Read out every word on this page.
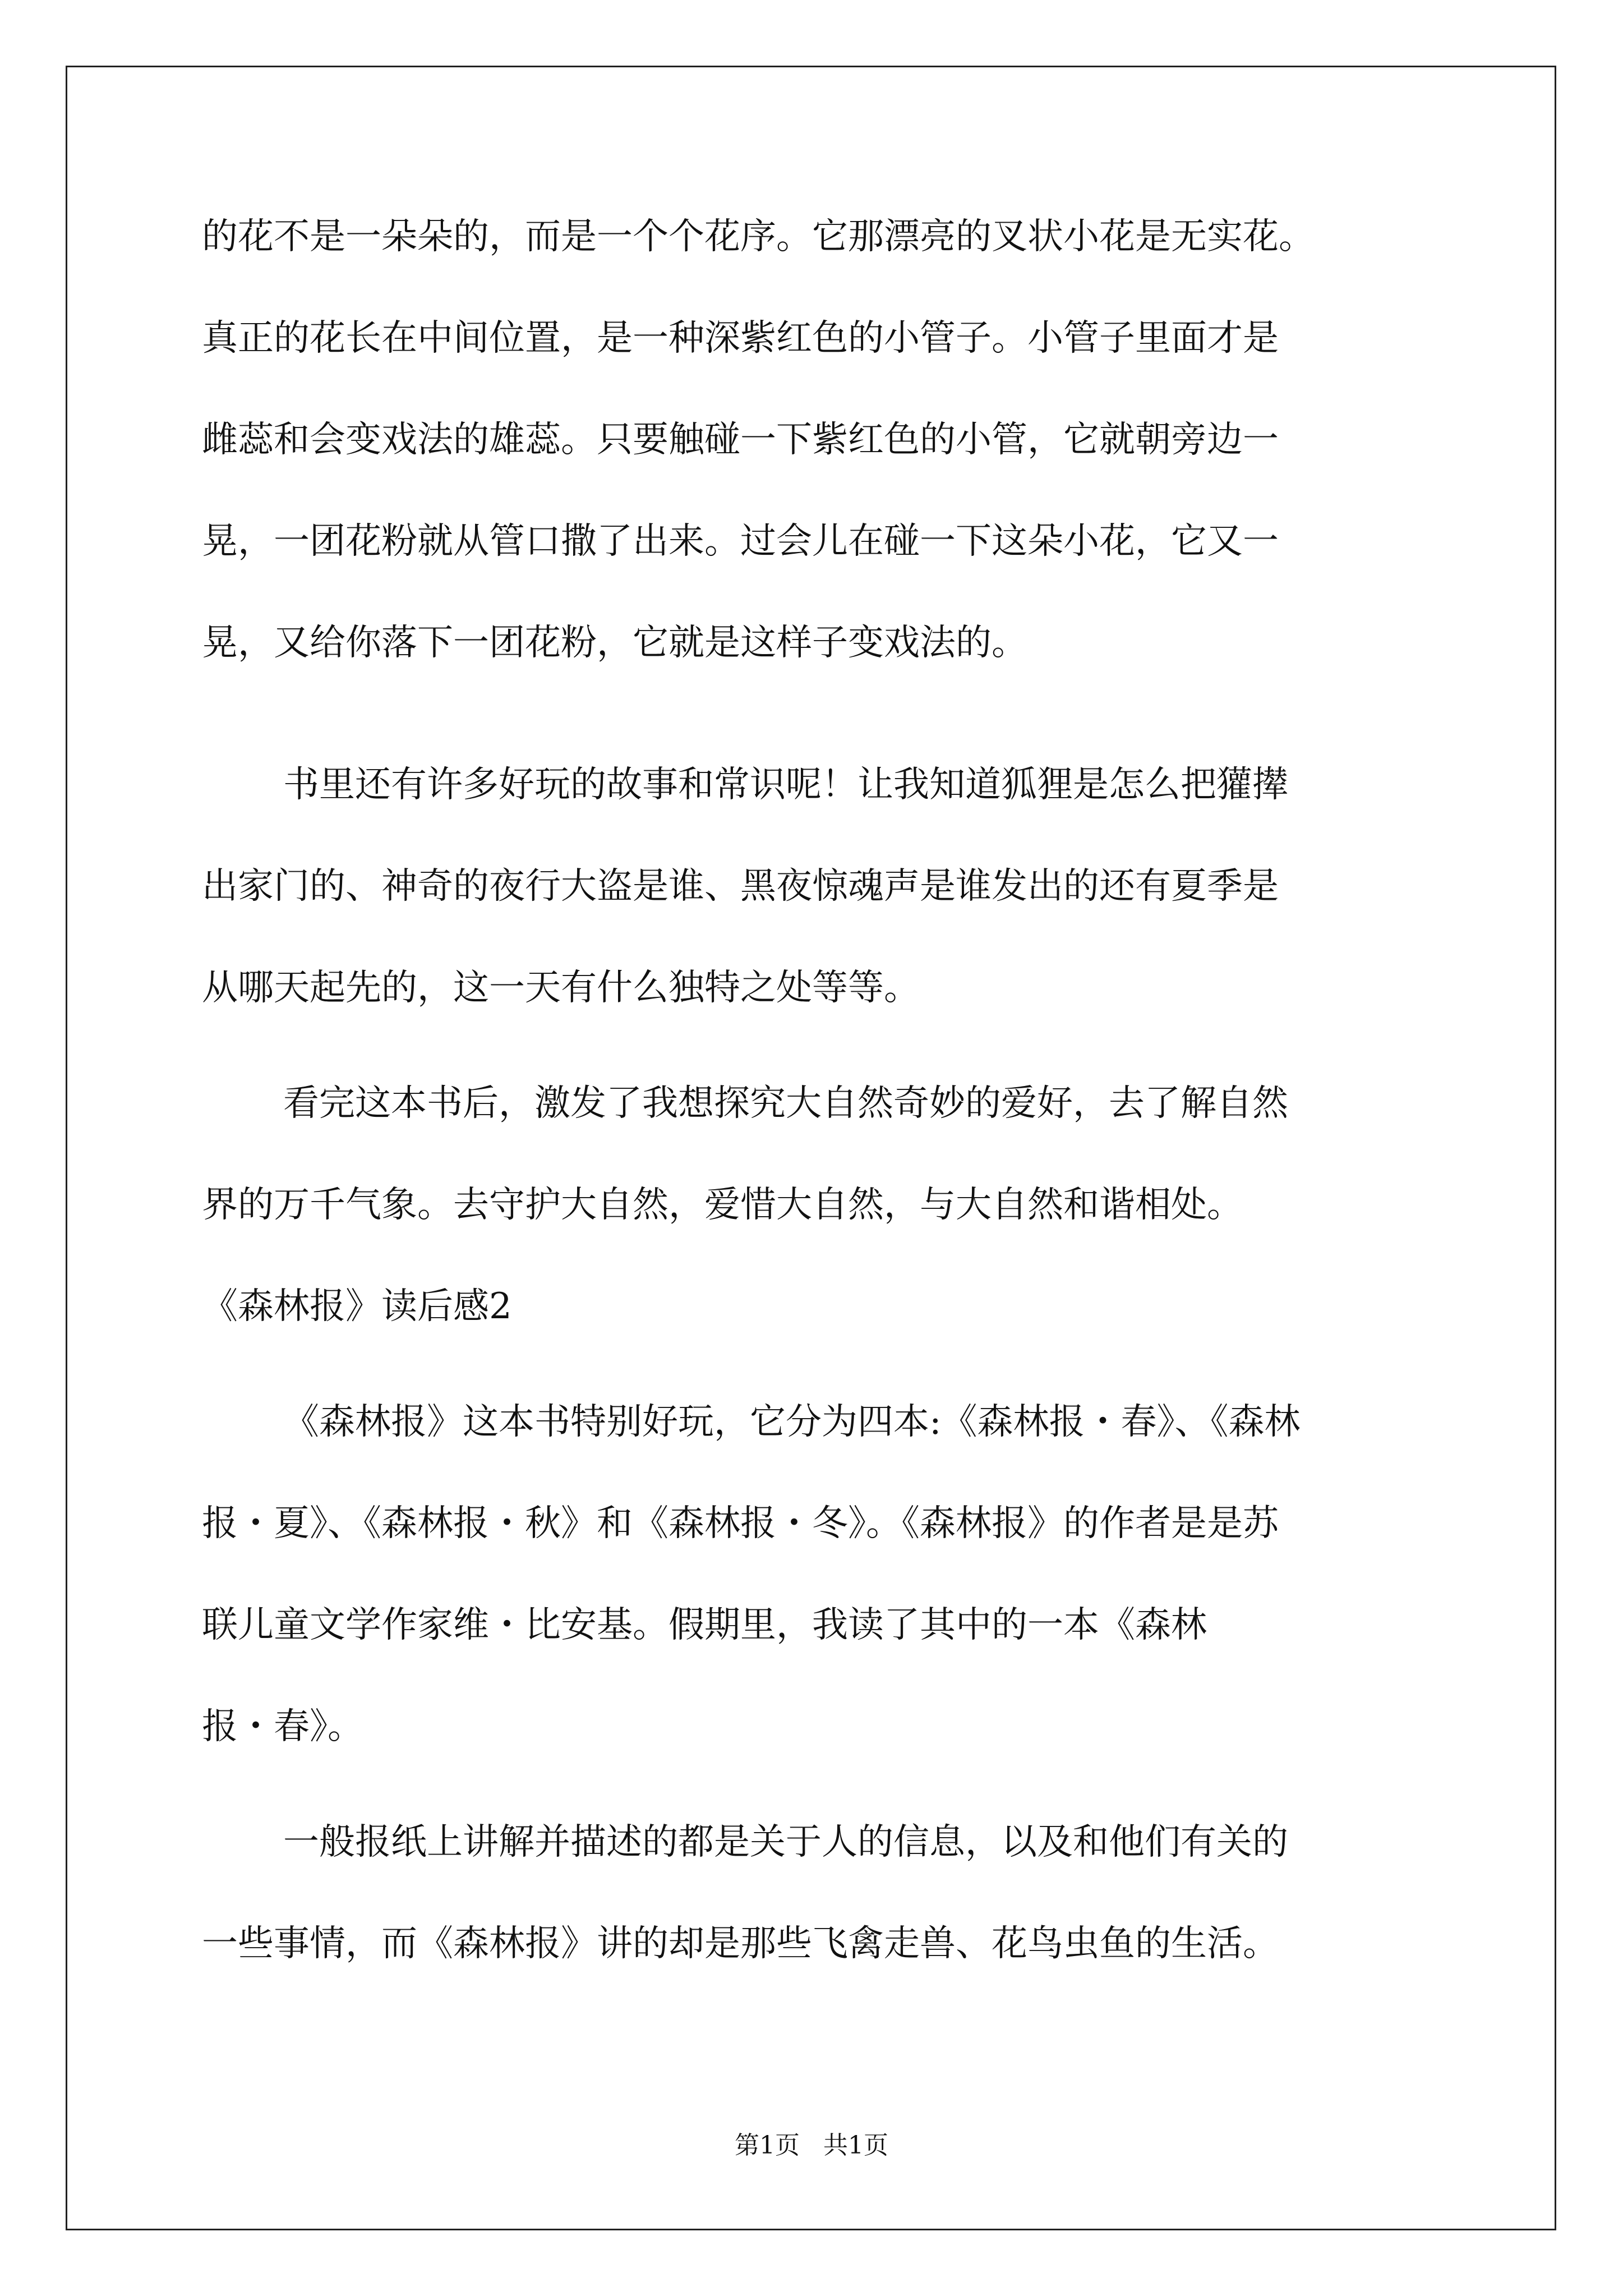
的花不是一朵朵的，而是一个个花序。它那漂亮的叉状小花是无实花。
真正的花长在中间位置，是一种深紫红色的小管子。小管子里面才是
雌蕊和会变戏法的雄蕊。只要触碰一下紫红色的小管，它就朝旁边一
晃，一团花粉就从管口撒了出来。过会儿在碰一下这朵小花，它又一
晃，又给你落下一团花粉，它就是这样子变戏法的。
书里还有许多好玩的故事和常识呢！让我知道狐狸是怎么把獾撵
出家门的、神奇的夜行大盗是谁、黑夜惊魂声是谁发出的还有夏季是
从哪天起先的，这一天有什么独特之处等等。
看完这本书后，激发了我想探究大自然奇妙的爱好，去了解自然
界的万千气象。去守护大自然，爱惜大自然，与大自然和谐相处。
《森林报》读后感2
《森林报》这本书特别好玩，它分为四本:《森林报・春》、《森林
报・夏》、《森林报・秋》和《森林报・冬》。《森林报》的作者是是苏
联儿童文学作家维・比安基。假期里，我读了其中的一本《森林
报・春》。
一般报纸上讲解并描述的都是关于人的信息，以及和他们有关的
一些事情，而《森林报》讲的却是那些飞禽走兽、花鸟虫鱼的生活。
第1页   共1页
